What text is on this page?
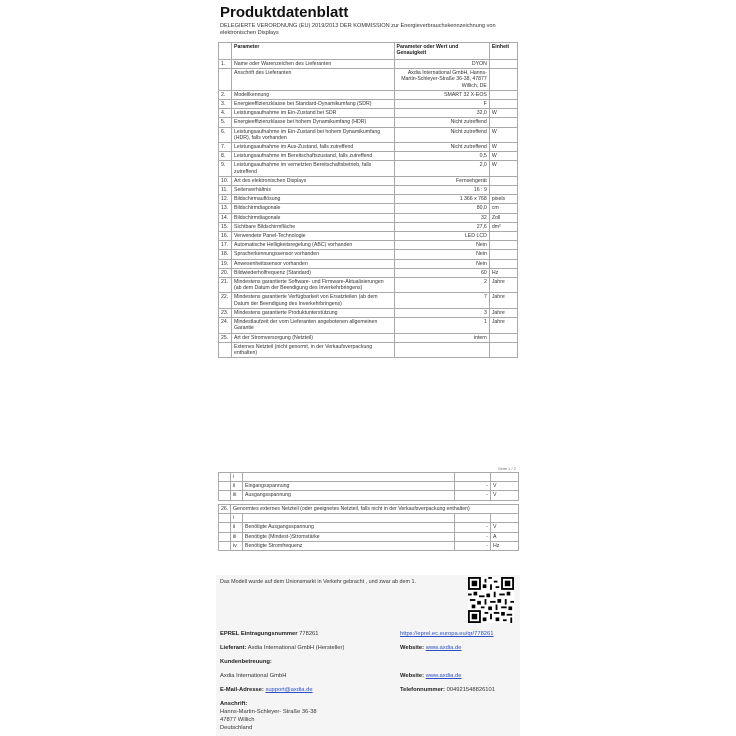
Produktdatenblatt
DELEGIERTE VERORDNUNG (EU) 2019/2013 DER KOMMISSION zur Energieverbrauchskennzeichnung von elektronischen Displays
	Parameter	Parameter oder Wert und Genauigkeit	Einheit
1.	Name oder Warenzeichen des Lieferanten	DYON	
	Anschrift des Lieferanten	Axdia International GmbH, Hanns-Martin-Schleyer-Straße 36-38, 47877 Willich, DE	
2.	Modellkennung	SMART 32 X-EOS	
3.	Energieeffizienzklasse bei Standard-Dynamikumfang (SDR)	F	
4.	Leistungsaufnahme im Ein-Zustand bei SDR	32,0	W
5.	Energieeffizienzklasse bei hohem Dynamikumfang (HDR)	Nicht zutreffend	
6.	Leistungsaufnahme im Ein-Zustand bei hohem Dynamikumfang (HDR), falls vorhanden	Nicht zutreffend	W
7.	Leistungsaufnahme im Aus-Zustand, falls zutreffend	Nicht zutreffend	W
8.	Leistungsaufnahme im Bereitschaftszustand, falls zutreffend	0,5	W
9.	Leistungsaufnahme im vernetzten Bereitschaftsbetrieb, falls zutreffend	2,0	W
10.	Art des elektronischen Displays	Fernsehgerät	
11.	Seitenverhältnis	16 : 9	
12.	Bildschirmauflösung	1 366 x 768	pixels
13.	Bildschirmdiagonale	80,0	cm
14.	Bildschirmdiagonale	32	Zoll
15.	Sichtbare Bildschirmfläche	27,6	dm²
16.	Verwendete Panel-Technologie	LED LCD	
17.	Automatische Helligkeitsregelung (ABC) vorhanden	Nein	
18.	Spracherkennungssensor vorhanden	Nein	
19.	Anwesenheitssensor vorhanden	Nein	
20.	Bildwiederholfrequenz (Standard)	60	Hz
21.	Mindestens garantierte Software- und Firmware-Aktualisierungen (ab dem Datum der Beendigung des Inverkehrbringens)	2	Jahre
22.	Mindestens garantierte Verfügbarkeit von Ersatzteilen (ab dem Datum der Beendigung des Inverkehrbringens)	7	Jahre
23.	Mindestens garantierte Produktunterstützung	3	Jahre
24.	Mindestlaufzeit der vom Lieferanten angebotenen allgemeinen Garantie	1	Jahre
25.	Art der Stromversorgung (Netzteil)	intern	
	Externes Netzteil (nicht genormt, in der Verkaufsverpackung enthalten)		
Seite 1 / 2
	i			
	ii	Eingangsspannung	-	V
	iii	Ausgangsspannung	-	V
26.	Genormtes externes Netzteil (oder geeignetes Netzteil, falls nicht in der Verkaufsverpackung enthalten)			
	i			
	ii	Benötigte Ausgangsspannung	-	V
	iii	Benötigte (Mindest-)Stromstärke	-	A
	iv	Benötigte Stromfrequenz	-	Hz
Das Modell wurde auf dem Unionsmarkt in Verkehr gebracht , und zwar ab dem 1.
EPREL Eintragungsnummer 778261	https://eprel.ec.europa.eu/qr/778261
Lieferant: Axdia International GmbH (Hersteller)	Website: www.axdia.de
Kundenbetreuung:
Axdia International GmbH	Website: www.axdia.de
E-Mail-Adresse: support@axdia.de	Telefonnummer: 004921548826101
Anschrift:
Hanns-Martin-Schleyer- Straße 36-38
47877 Willich
Deutschland
